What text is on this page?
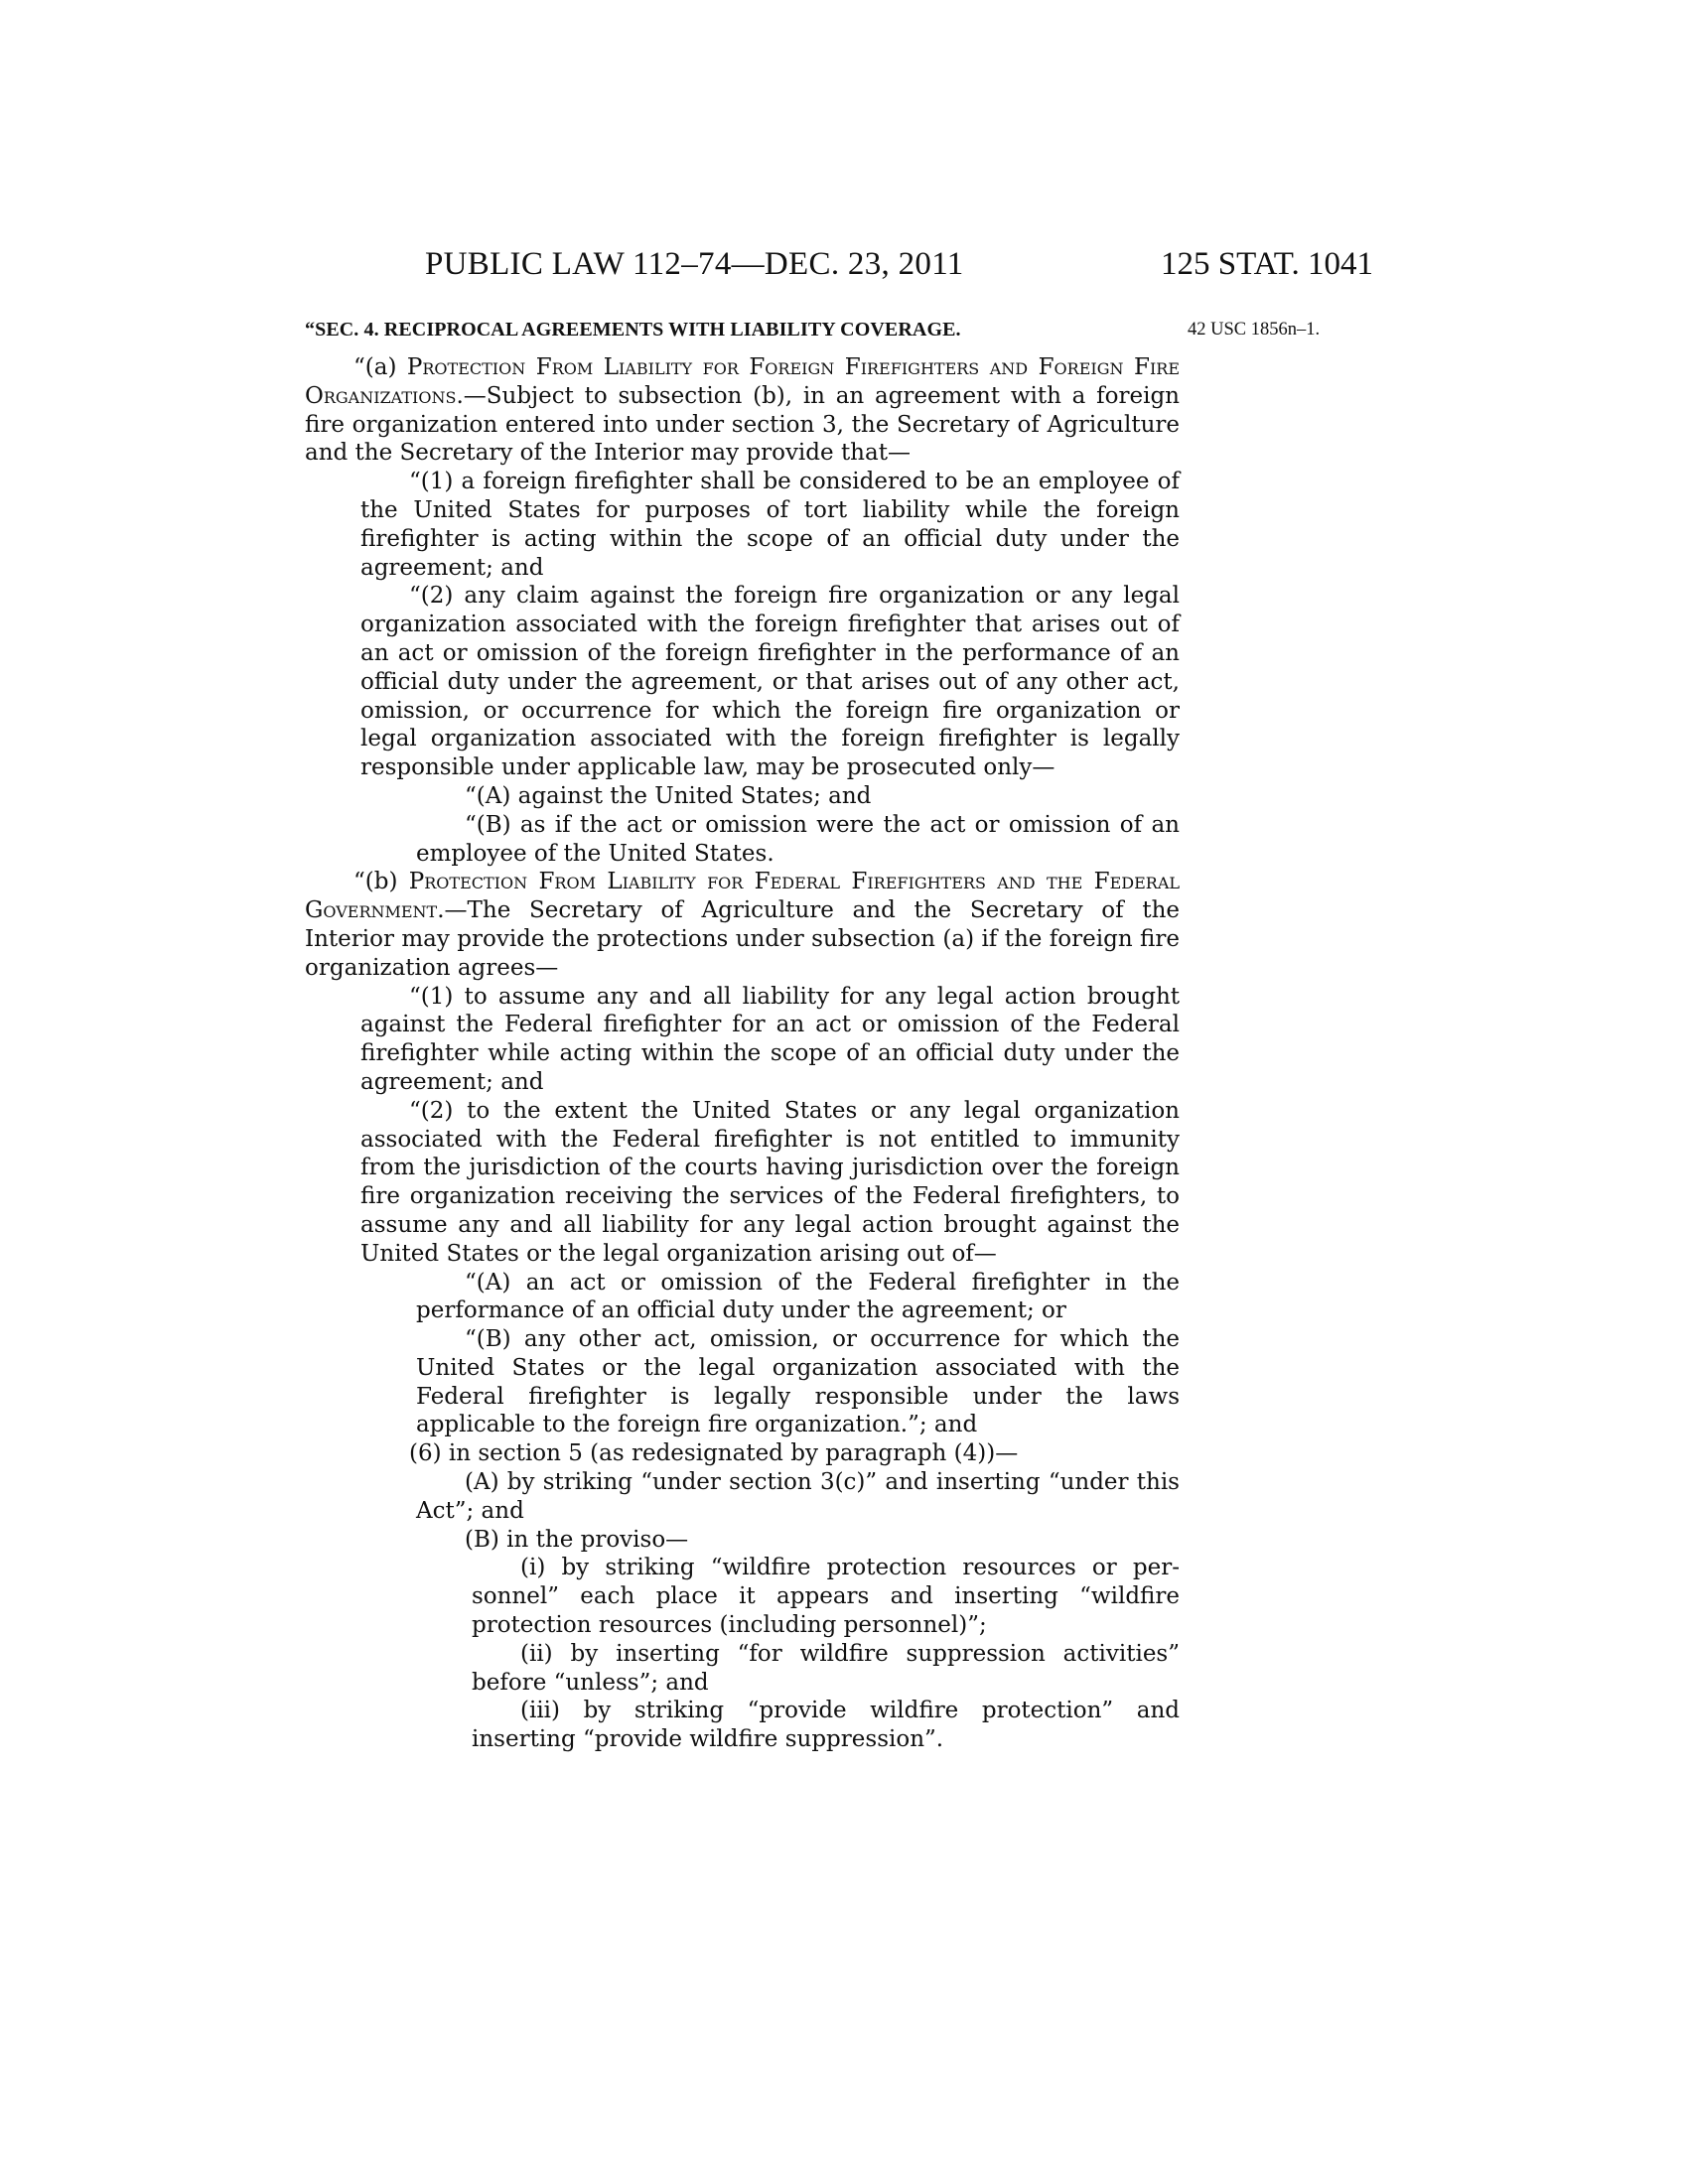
PUBLIC LAW 112–74—DEC. 23, 2011	125 STAT. 1041
“SEC. 4. RECIPROCAL AGREEMENTS WITH LIABILITY COVERAGE.	42 USC 1856n–1.

“(a) Protection From Liability for Foreign Firefighters and Foreign Fire Organizations.—Subject to subsection (b), in an agreement with a foreign fire organization entered into under section 3, the Secretary of Agriculture and the Secretary of the Interior may provide that—

“(1) a foreign firefighter shall be considered to be an employee of the United States for purposes of tort liability while the foreign firefighter is acting within the scope of an official duty under the agreement; and

“(2) any claim against the foreign fire organization or any legal organization associated with the foreign firefighter that arises out of an act or omission of the foreign firefighter in the performance of an official duty under the agreement, or that arises out of any other act, omission, or occurrence for which the foreign fire organization or legal organization associated with the foreign firefighter is legally responsible under applicable law, may be prosecuted only—

“(A) against the United States; and

“(B) as if the act or omission were the act or omission of an employee of the United States.

“(b) Protection From Liability for Federal Firefighters and the Federal Government.—The Secretary of Agriculture and the Secretary of the Interior may provide the protections under subsection (a) if the foreign fire organization agrees—

“(1) to assume any and all liability for any legal action brought against the Federal firefighter for an act or omission of the Federal firefighter while acting within the scope of an official duty under the agreement; and

“(2) to the extent the United States or any legal organization associated with the Federal firefighter is not entitled to immunity from the jurisdiction of the courts having jurisdiction over the foreign fire organization receiving the services of the Federal firefighters, to assume any and all liability for any legal action brought against the United States or the legal organization arising out of—

“(A) an act or omission of the Federal firefighter in the performance of an official duty under the agreement; or

“(B) any other act, omission, or occurrence for which the United States or the legal organization associated with the Federal firefighter is legally responsible under the laws applicable to the foreign fire organization.”; and

(6) in section 5 (as redesignated by paragraph (4))—

(A) by striking “under section 3(c)” and inserting “under this Act”; and

(B) in the proviso—

(i) by striking “wildfire protection resources or personnel” each place it appears and inserting “wildfire protection resources (including personnel)”;

(ii) by inserting “for wildfire suppression activities” before “unless”; and

(iii) by striking “provide wildfire protection” and inserting “provide wildfire suppression”.
